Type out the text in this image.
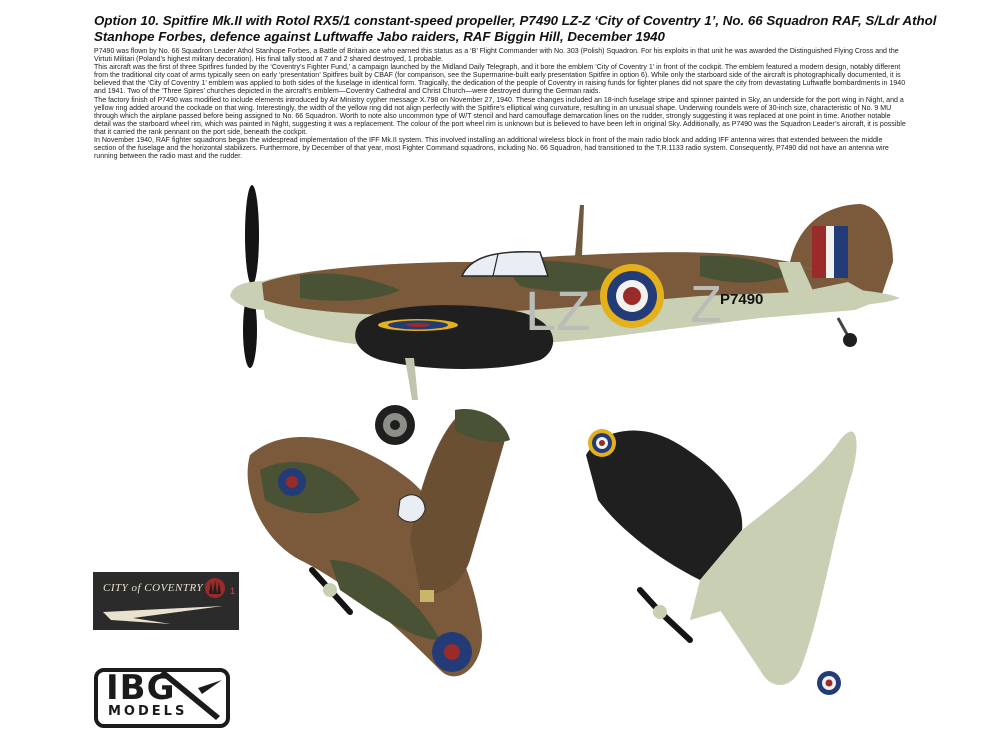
Option 10. Spitfire Mk.II with Rotol RX5/1 constant-speed propeller, P7490 LZ-Z ‘City of Coventry 1’, No. 66 Squadron RAF, S/Ldr Athol Stanhope Forbes, defence against Luftwaffe Jabo raiders, RAF Biggin Hill, December 1940

P7490 was flown by No. 66 Squadron Leader Athol Stanhope Forbes, a Battle of Britain ace who earned this status as a ‘B’ Flight Commander with No. 303 (Polish) Squadron. For his exploits in that unit he was awarded the Distinguished Flying Cross and the Virtuti Militari (Poland’s highest military decoration). His final tally stood at 7 and 2 shared destroyed, 1 probable.

This aircraft was the first of three Spitfires funded by the ‘Coventry’s Fighter Fund,’ a campaign launched by the Midland Daily Telegraph, and it bore the emblem ‘City of Coventry 1’ in front of the cockpit. The emblem featured a modern design, notably different from the traditional city coat of arms typically seen on early ‘presentation’ Spitfires built by CBAF (for comparison, see the Supermarine-built early presentation Spitfire in option 6). While only the starboard side of the aircraft is photographically documented, it is believed that the ‘City of Coventry 1’ emblem was applied to both sides of the fuselage in identical form. Tragically, the dedication of the people of Coventry in raising funds for fighter planes did not spare the city from devastating Luftwaffe bombardments in 1940 and 1941. Two of the ‘Three Spires’ churches depicted in the aircraft’s emblem—Coventry Cathedral and Christ Church—were destroyed during the German raids.

The factory finish of P7490 was modified to include elements introduced by Air Ministry cypher message X.798 on November 27, 1940. These changes included an 18-inch fuselage stripe and spinner painted in Sky, an underside for the port wing in Night, and a yellow ring added around the cockade on that wing. Interestingly, the width of the yellow ring did not align perfectly with the Spitfire’s elliptical wing curvature, resulting in an unusual shape. Underwing roundels were of 30-inch size, characteristic of No. 9 MU through which the airplane passed before being assigned to No. 66 Squadron. Worth to note also uncommon type of W/T stencil and hard camouflage demarcation lines on the rudder, strongly suggesting it was replaced at one point in time. Another notable detail was the starboard wheel rim, which was painted in Night, suggesting it was a replacement. The colour of the port wheel rim is unknown but is believed to have been left in original Sky. Additionally, as P7490 was the Squadron Leader’s aircraft, it is possible that it carried the rank pennant on the port side, beneath the cockpit.

In November 1940, RAF fighter squadrons began the widespread implementation of the IFF Mk.II system. This involved installing an additional wireless block in front of the main radio block and adding IFF antenna wires that extended between the middle section of the fuselage and the horizontal stabilizers. Furthermore, by December of that year, most Fighter Command squadrons, including No. 66 Squadron, had transitioned to the T.R.1133 radio system. Consequently, P7490 did not have an antenna wire running between the radio mast and the rudder.

LZ Z
P7490
CITY of COVENTRY	1
IBG
MODELS
